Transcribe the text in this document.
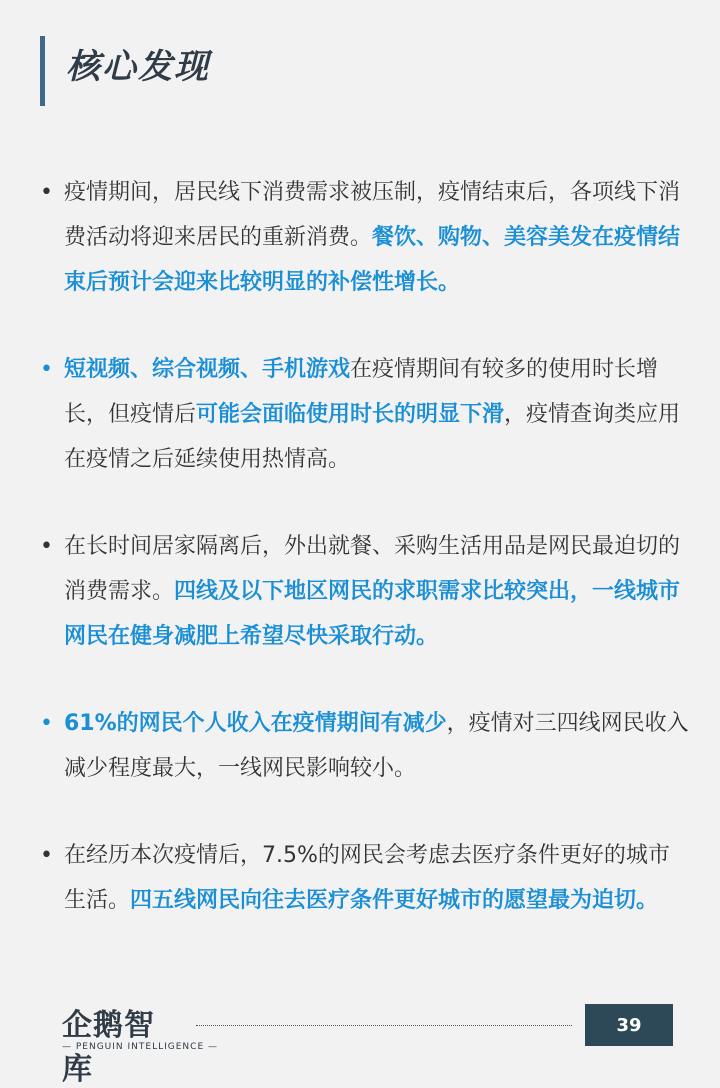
核心发现
• 疫情期间，居民线下消费需求被压制，疫情结束后，各项线下消费活动将迎来居民的重新消费。餐饮、购物、美容美发在疫情结束后预计会迎来比较明显的补偿性增长。
• 短视频、综合视频、手机游戏在疫情期间有较多的使用时长增长，但疫情后可能会面临使用时长的明显下滑，疫情查询类应用在疫情之后延续使用热情高。
• 在长时间居家隔离后，外出就餐、采购生活用品是网民最迫切的消费需求。四线及以下地区网民的求职需求比较突出，一线城市网民在健身减肥上希望尽快采取行动。
• 61%的网民个人收入在疫情期间有减少，疫情对三四线网民收入减少程度最大，一线网民影响较小。
• 在经历本次疫情后，7.5%的网民会考虑去医疗条件更好的城市生活。四五线网民向往去医疗条件更好城市的愿望最为迫切。
企鹅智库
— PENGUIN INTELLIGENCE —
39
